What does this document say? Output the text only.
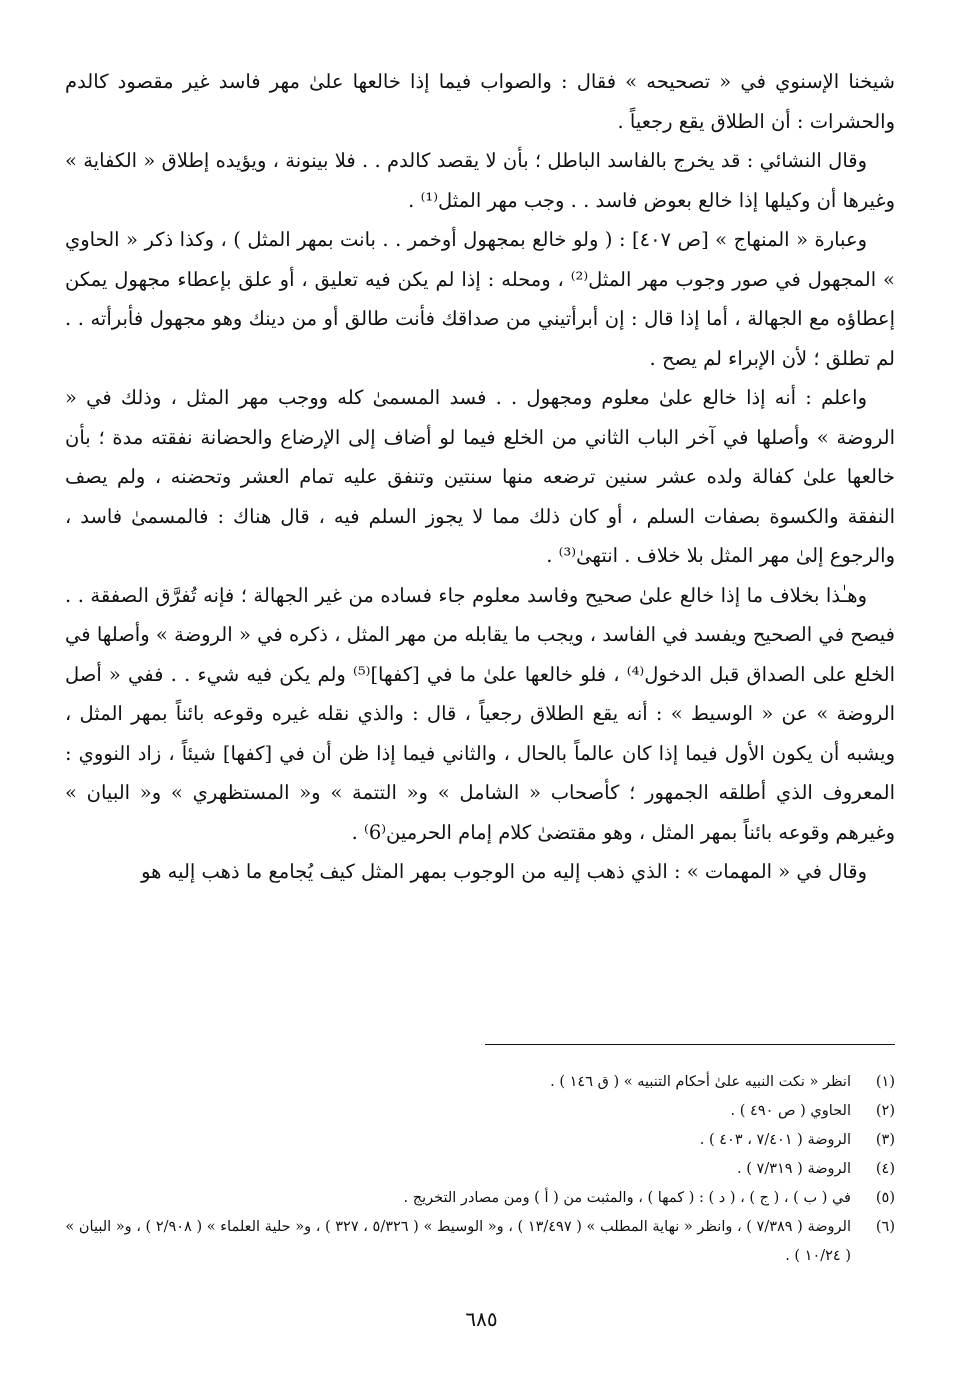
شيخنا الإسنوي في « تصحيحه » فقال : والصواب فيما إذا خالعها علىٰ مهر فاسد غير مقصود كالدم والحشرات : أن الطلاق يقع رجعياً .

وقال النشائي : قد يخرج بالفاسد الباطل ؛ بأن لا يقصد كالدم . . فلا بينونة ، ويؤيده إطلاق « الكفاية » وغيرها أن وكيلها إذا خالع بعوض فاسد . . وجب مهر المثل⁽¹⁾ .

وعبارة « المنهاج » [ص ٤٠٧] : ( ولو خالع بمجهول أوخمر . . بانت بمهر المثل ) ، وكذا ذكر « الحاوي » المجهول في صور وجوب مهر المثل⁽²⁾ ، ومحله : إذا لم يكن فيه تعليق ، أو علق بإعطاء مجهول يمكن إعطاؤه مع الجهالة ، أما إذا قال : إن أبرأتيني من صداقك فأنت طالق أو من دينك وهو مجهول فأبرأته . . لم تطلق ؛ لأن الإبراء لم يصح .

واعلم : أنه إذا خالع علىٰ معلوم ومجهول . . فسد المسمىٰ كله ووجب مهر المثل ، وذلك في « الروضة » وأصلها في آخر الباب الثاني من الخلع فيما لو أضاف إلى الإرضاع والحضانة نفقته مدة ؛ بأن خالعها علىٰ كفالة ولده عشر سنين ترضعه منها سنتين وتنفق عليه تمام العشر وتحضنه ، ولم يصف النفقة والكسوة بصفات السلم ، أو كان ذلك مما لا يجوز السلم فيه ، قال هناك : فالمسمىٰ فاسد ، والرجوع إلىٰ مهر المثل بلا خلاف . انتهىٰ⁽³⁾ .

وهـٰذا بخلاف ما إذا خالع علىٰ صحيح وفاسد معلوم جاء فساده من غير الجهالة ؛ فإنه تُفرَّق الصفقة . . فيصح في الصحيح ويفسد في الفاسد ، ويجب ما يقابله من مهر المثل ، ذكره في « الروضة » وأصلها في الخلع على الصداق قبل الدخول⁽⁴⁾ ، فلو خالعها علىٰ ما في [كفها]⁽⁵⁾ ولم يكن فيه شيء . . ففي « أصل الروضة » عن « الوسيط » : أنه يقع الطلاق رجعياً ، قال : والذي نقله غيره وقوعه بائناً بمهر المثل ، ويشبه أن يكون الأول فيما إذا كان عالماً بالحال ، والثاني فيما إذا ظن أن في [كفها] شيئاً ، زاد النووي : المعروف الذي أطلقه الجمهور ؛ كأصحاب « الشامل » و« التتمة » و« المستظهري » و« البيان » وغيرهم وقوعه بائناً بمهر المثل ، وهو مقتضىٰ كلام إمام الحرمين⁽6⁾ .

وقال في « المهمات » : الذي ذهب إليه من الوجوب بمهر المثل كيف يُجامع ما ذهب إليه هو

(١)
انظر « نكت النبيه علىٰ أحكام التنبيه » ( ق ١٤٦ ) .
(٢)
الحاوي ( ص ٤٩٠ ) .
(٣)
الروضة ( ٧/٤٠١ ، ٤٠٣ ) .
(٤)
الروضة ( ٧/٣١٩ ) .
(٥)
في ( ب ) ، ( ج ) ، ( د ) : ( كمها ) ، والمثبت من ( أ ) ومن مصادر التخريج .
(٦)
الروضة ( ٧/٣٨٩ ) ، وانظر « نهاية المطلب » ( ١٣/٤٩٧ ) ، و« الوسيط » ( ٥/٣٢٦ ، ٣٢٧ ) ، و« حلية العلماء » ( ٢/٩٠٨ ) ، و« البيان » ( ١٠/٢٤ ) .
٦٨٥
